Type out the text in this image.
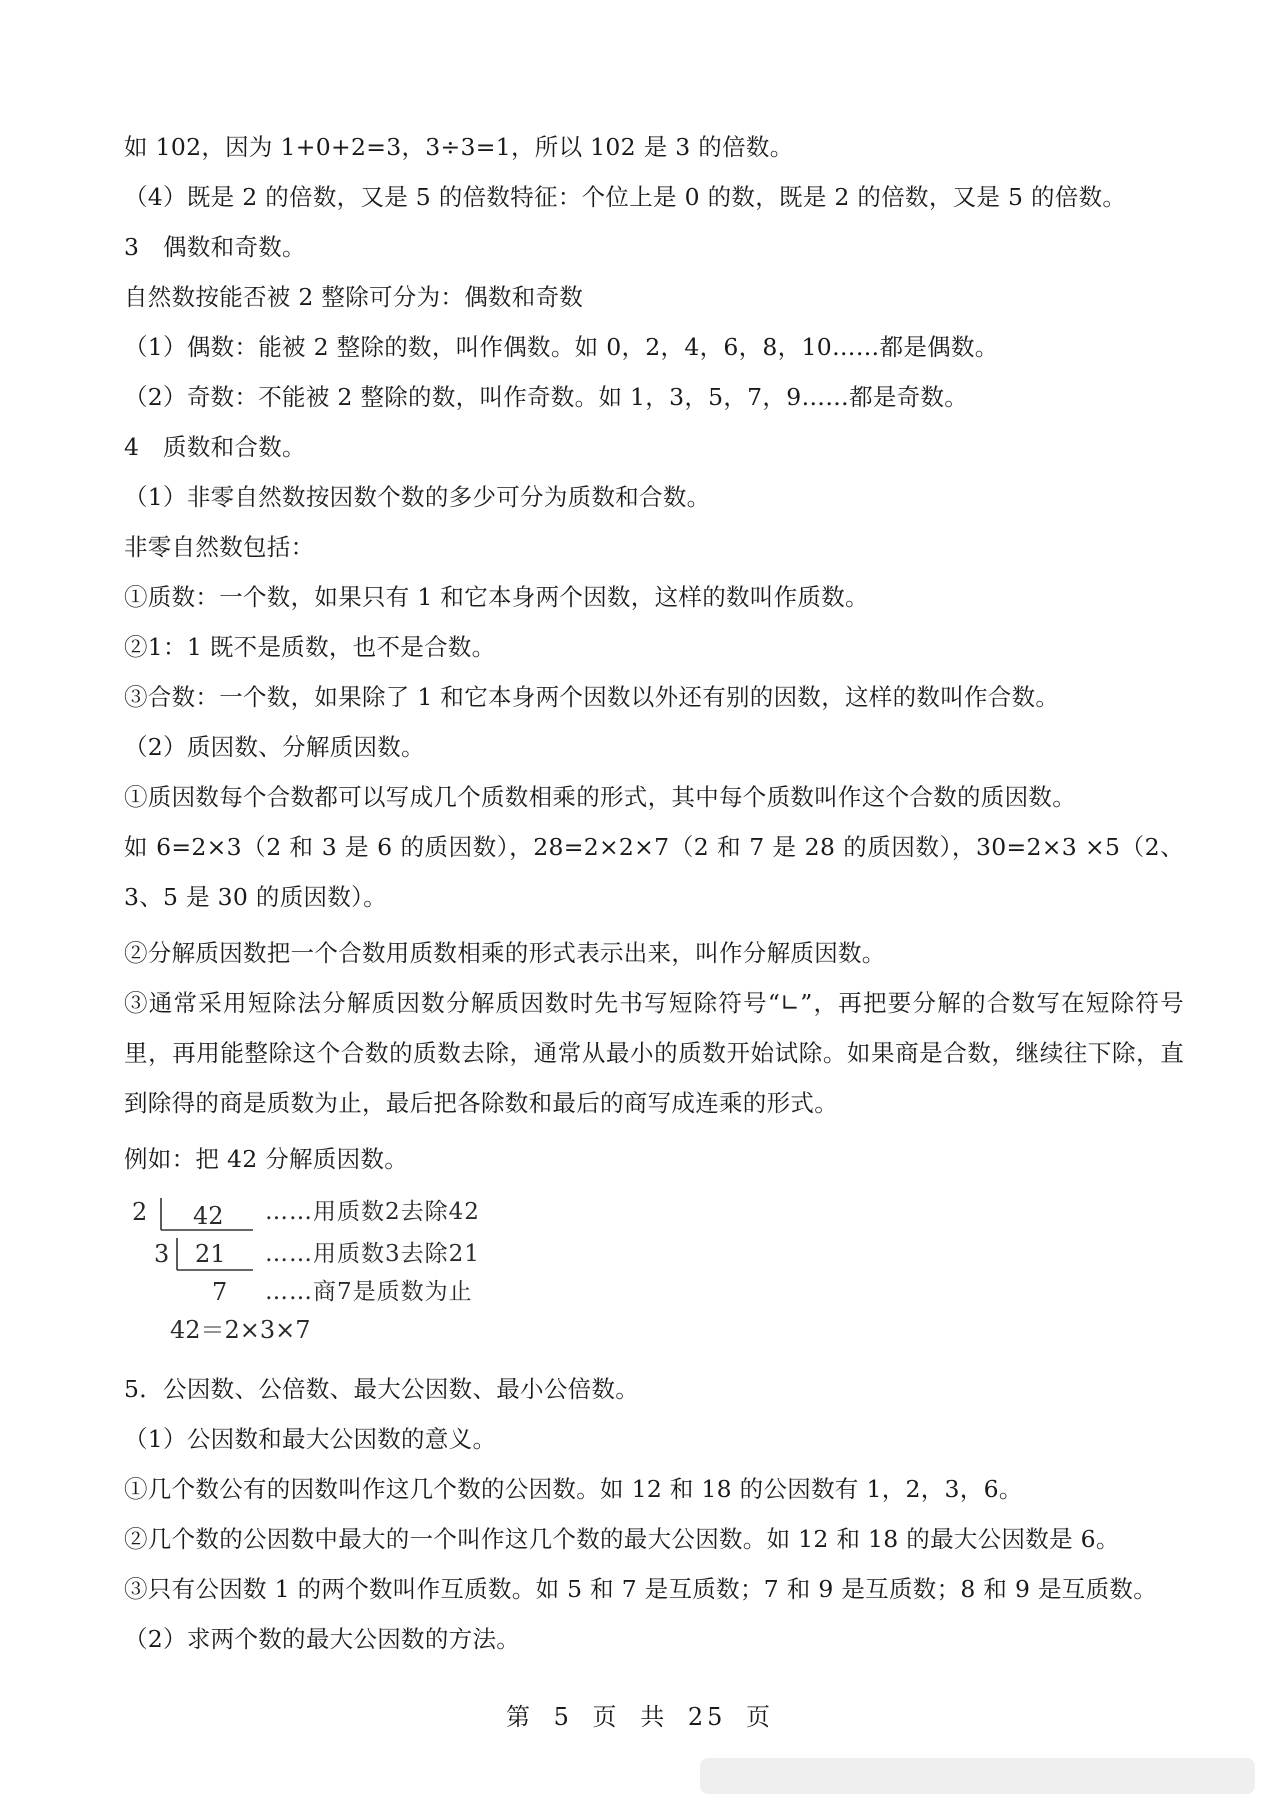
如 102，因为 1+0+2=3，3÷3=1，所以 102 是 3 的倍数。

（4）既是 2 的倍数，又是 5 的倍数特征：个位上是 0 的数，既是 2 的倍数，又是 5 的倍数。

3　偶数和奇数。

自然数按能否被 2 整除可分为：偶数和奇数

（1）偶数：能被 2 整除的数，叫作偶数。如 0，2，4，6，8，10……都是偶数。

（2）奇数：不能被 2 整除的数，叫作奇数。如 1，3，5，7，9……都是奇数。

4　质数和合数。

（1）非零自然数按因数个数的多少可分为质数和合数。

非零自然数包括：

①质数：一个数，如果只有 1 和它本身两个因数，这样的数叫作质数。

②1：1 既不是质数，也不是合数。

③合数：一个数，如果除了 1 和它本身两个因数以外还有别的因数，这样的数叫作合数。

（2）质因数、分解质因数。

①质因数每个合数都可以写成几个质数相乘的形式，其中每个质数叫作这个合数的质因数。

如 6=2×3（2 和 3 是 6 的质因数），28=2×2×7（2 和 7 是 28 的质因数），30=2×3 ×5（2、3、5 是 30 的质因数）。

②分解质因数把一个合数用质数相乘的形式表示出来，叫作分解质因数。

③通常采用短除法分解质因数分解质因数时先书写短除符号“∟”，再把要分解的合数写在短除符号里，再用能整除这个合数的质数去除，通常从最小的质数开始试除。如果商是合数，继续往下除，直到除得的商是质数为止，最后把各除数和最后的商写成连乘的形式。

例如：把 42 分解质因数。

2 42 ……用质数2去除42
3 21 ……用质数3去除21
7 ……商7是质数为止
42＝2×3×7

5．公因数、公倍数、最大公因数、最小公倍数。

（1）公因数和最大公因数的意义。

①几个数公有的因数叫作这几个数的公因数。如 12 和 18 的公因数有 1，2，3，6。

②几个数的公因数中最大的一个叫作这几个数的最大公因数。如 12 和 18 的最大公因数是 6。

③只有公因数 1 的两个数叫作互质数。如 5 和 7 是互质数；7 和 9 是互质数；8 和 9 是互质数。

（2）求两个数的最大公因数的方法。

第 5 页 共 25 页
